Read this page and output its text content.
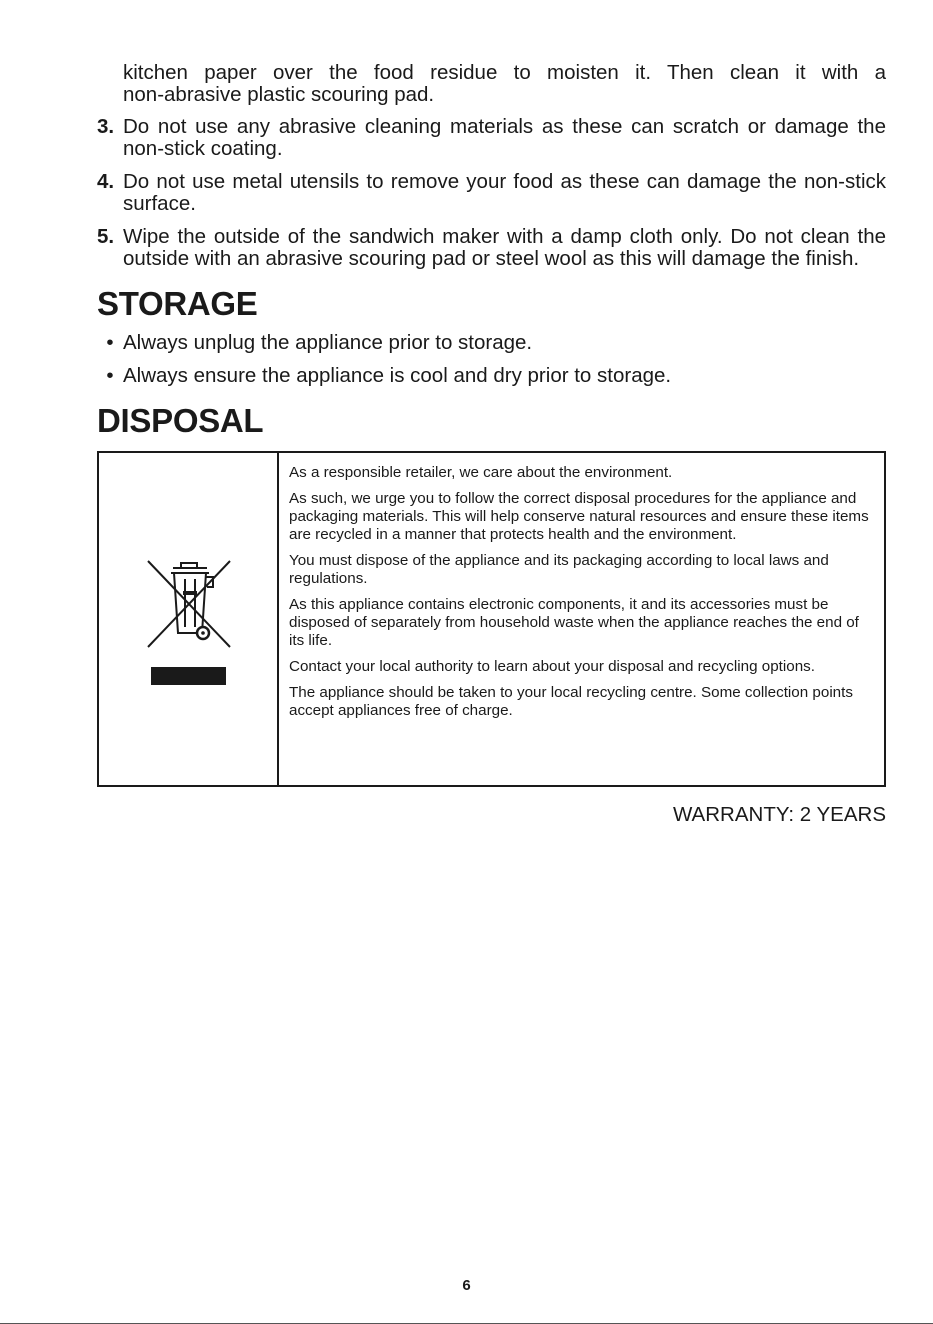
kitchen paper over the food residue to moisten it. Then clean it with a
non-abrasive plastic scouring pad.
3. Do not use any abrasive cleaning materials as these can scratch or damage the non-stick coating.
4. Do not use metal utensils to remove your food as these can damage the non-stick surface.
5. Wipe the outside of the sandwich maker with a damp cloth only. Do not clean the outside with an abrasive scouring pad or steel wool as this will damage the finish.
STORAGE
• Always unplug the appliance prior to storage.
• Always ensure the appliance is cool and dry prior to storage.
DISPOSAL

As a responsible retailer, we care about the environment.

As such, we urge you to follow the correct disposal procedures for the appliance and packaging materials. This will help conserve natural resources and ensure these items are recycled in a manner that protects health and the environment.

You must dispose of the appliance and its packaging according to local laws and regulations.

As this appliance contains electronic components, it and its accessories must be disposed of separately from household waste when the appliance reaches the end of its life.

Contact your local authority to learn about your disposal and recycling options.

The appliance should be taken to your local recycling centre. Some collection points accept appliances free of charge.

WARRANTY: 2 YEARS
6
